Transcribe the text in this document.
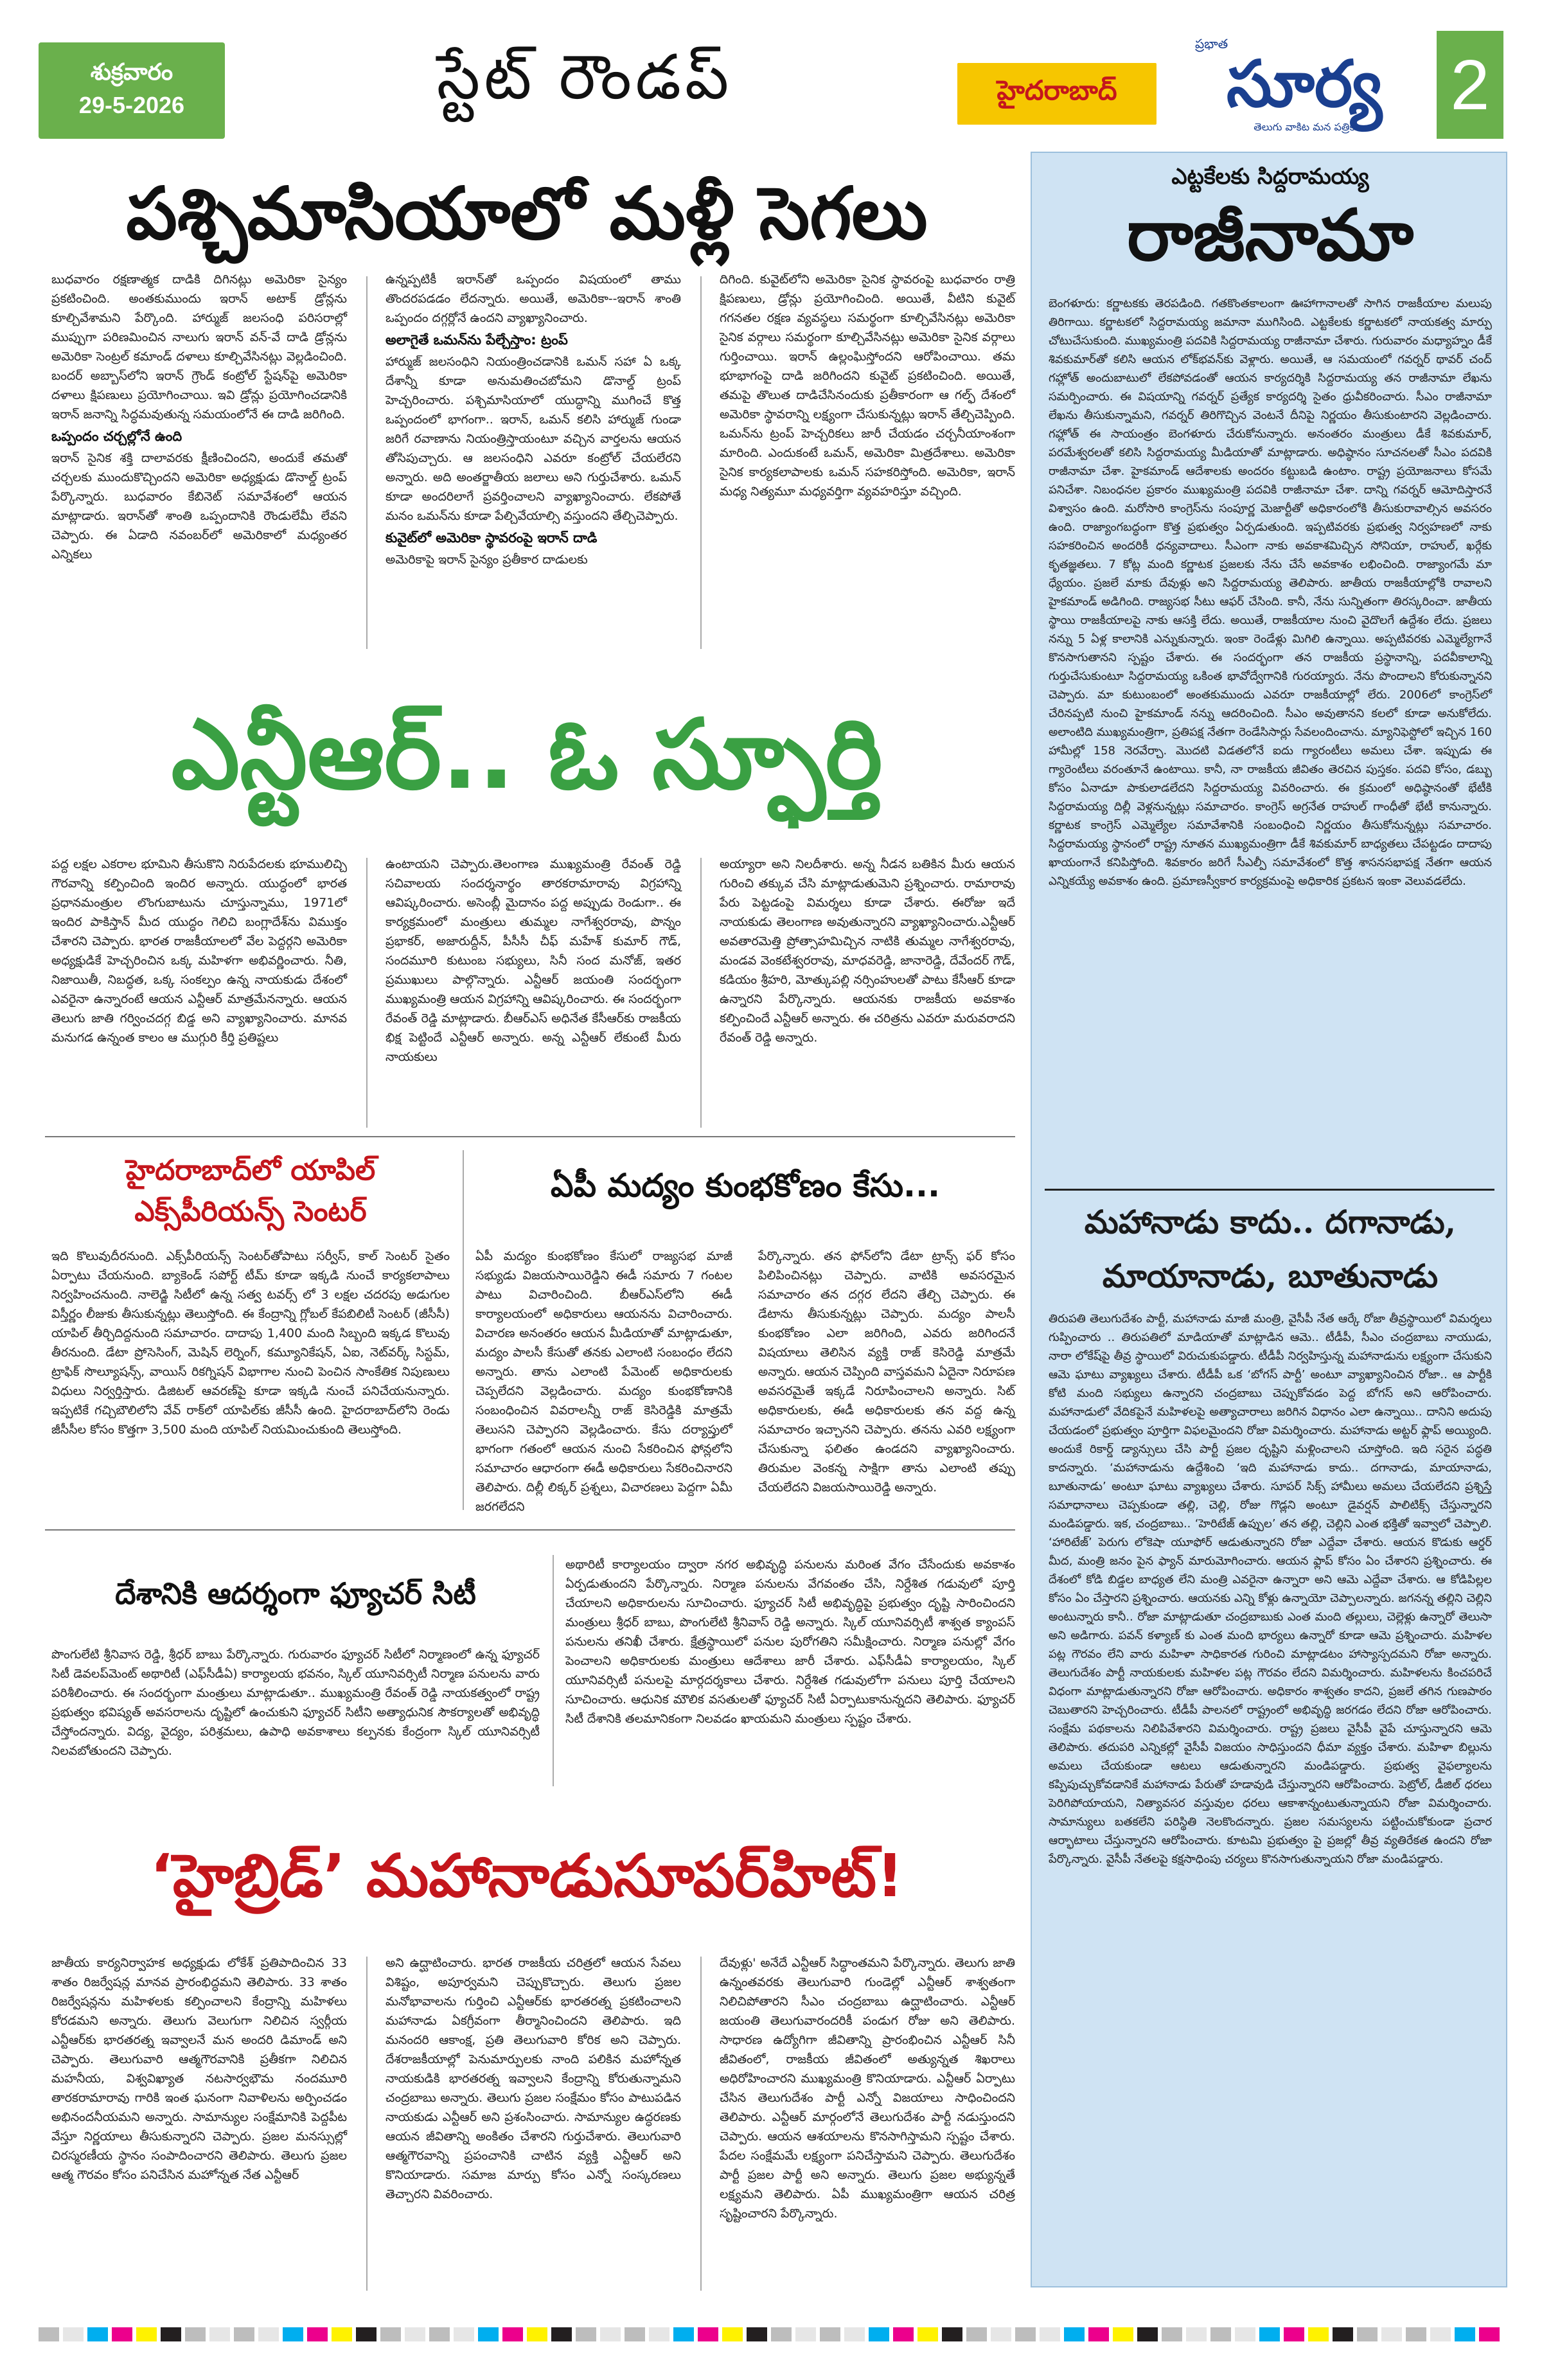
శుక్రవారం
29-5-2026	స్టేట్ రౌండప్	హైదరాబాద్
ప్రభాత
సూర్య
తెలుగు వాకిట మన పత్రిక
2
పశ్చిమాసియాలో మళ్లీ సెగలు

బుధవారం రక్షణాత్మక దాడికి దిగినట్లు అమెరికా సైన్యం ప్రకటించింది. అంతకుముందు ఇరాన్ అటాక్ డ్రోన్లను కూల్చివేశామని పేర్కొంది. హార్ముజ్ జలసంధి పరిసరాల్లో ముప్పుగా పరిణమించిన నాలుగు ఇరాన్ వన్-వే దాడి డ్రోన్లను అమెరికా సెంట్రల్ కమాండ్ దళాలు కూల్చివేసినట్లు వెల్లడించింది. బందర్ అబ్బాస్‌లోని ఇరాన్ గ్రౌండ్ కంట్రోల్ స్టేషన్‌పై అమెరికా దళాలు క్షిపణులు ప్రయోగించాయి. ఇవి డ్రోన్లు ప్రయోగించడానికి ఇరాన్ జనాన్ని సిద్ధమవుతున్న సమయంలోనే ఈ దాడి జరిగింది.

ఒప్పందం చర్చల్లోనే ఉంది

ఇరాన్ సైనిక శక్తి దాలావరకు క్షీణించిందని, అందుకే తమతో చర్చలకు ముందుకొచ్చిందని అమెరికా అధ్యక్షుడు డొనాల్డ్ ట్రంప్ పేర్కొన్నారు. బుధవారం కేబినెట్ సమావేశంలో ఆయన మాట్లాడారు. ఇరాన్‌తో శాంతి ఒప్పందానికి రౌండులేమీ లేవని చెప్పారు. ఈ ఏడాది నవంబర్‌లో అమెరికాలో మధ్యంతర ఎన్నికలు

ఉన్నప్పటికీ ఇరాన్‌తో ఒప్పందం విషయంలో తాము తొందరపడడం లేదన్నారు. అయితే, అమెరికా--ఇరాన్ శాంతి ఒప్పందం దగ్గర్లోనే ఉందని వ్యాఖ్యానించారు.

అలాగైతే ఒమన్‌ను పేల్చేస్తాం: ట్రంప్

హార్ముజ్ జలసంధిని నియంత్రించడానికి ఒమన్ సహా ఏ ఒక్క దేశాన్నీ కూడా అనుమతించబోమని డొనాల్డ్ ట్రంప్ హెచ్చరించారు. పశ్చిమాసియాలో యుద్ధాన్ని ముగించే కొత్త ఒప్పందంలో భాగంగా.. ఇరాన్, ఒమన్ కలిసి హార్ముజ్ గుండా జరిగే రవాణాను నియంత్రిస్తాయంటూ వచ్చిన వార్తలను ఆయన తోసిపుచ్చారు. ఆ జలసంధిని ఎవరూ కంట్రోల్ చేయలేరని అన్నారు. అది అంతర్జాతీయ జలాలు అని గుర్తుచేశారు. ఒమన్ కూడా అందరిలాగే ప్రవర్తించాలని వ్యాఖ్యానించారు. లేకపోతే మనం ఒమన్‌ను కూడా పేల్చివేయాల్సి వస్తుందని తేల్చిచెప్పారు.

కువైట్‌లో అమెరికా స్థావరంపై ఇరాన్ దాడి

అమెరికాపై ఇరాన్ సైన్యం ప్రతీకార దాడులకు

దిగింది. కువైట్‌లోని అమెరికా సైనిక స్థావరంపై బుధవారం రాత్రి క్షిపణులు, డ్రోన్లు ప్రయోగించింది. అయితే, వీటిని కువైట్ గగనతల రక్షణ వ్యవస్థలు సమర్థంగా కూల్చివేసినట్లు అమెరికా సైనిక వర్గాలు సమర్థంగా కూల్చివేసినట్లు అమెరికా సైనిక వర్గాలు గుర్తించాయి. ఇరాన్ ఉల్లంఘిస్తోందని ఆరోపించాయి. తమ భూభాగంపై దాడి జరిగిందని కువైట్ ప్రకటించింది. అయితే, తమపై తొలుత దాడిచేసినందుకు ప్రతీకారంగా ఆ గల్ఫ్ దేశంలో అమెరికా స్థావరాన్ని లక్ష్యంగా చేసుకున్నట్లు ఇరాన్ తేల్చిచెప్పింది. ఒమన్‌ను ట్రంప్ హెచ్చరికలు జారీ చేయడం చర్చనీయాంశంగా మారింది. ఎందుకంటే ఒమన్, అమెరికా మిత్రదేశాలు. అమెరికా సైనిక కార్యకలాపాలకు ఒమన్ సహకరిస్తోంది. అమెరికా, ఇరాన్ మధ్య నిత్యమూ మధ్యవర్తిగా వ్యవహరిస్తూ వచ్చింది.

ఎన్టీఆర్.. ఓ స్ఫూర్తి

పద్ద లక్షల ఎకరాల భూమిని తీసుకొని నిరుపేదలకు భూములిచ్చి గౌరవాన్ని కల్పించింది ఇందిర అన్నారు. యుద్ధంలో భారత ప్రధానమంత్రుల లొంగుబాటును చూస్తున్నాము, 1971లో ఇందిర పాకిస్తాన్ మీద యుద్ధం గెలిచి బంగ్లాదేశ్‌ను విముక్తం చేశారని చెప్పారు. భారత రాజకీయాలలో వేల పెద్దర్గని అమెరికా అధ్యక్షుడికే హెచ్చరించిన ఒక్క మహిళగా అభివర్ణించారు. నీతి, నిజాయితీ, నిబద్ధత, ఒక్క సంకల్పం ఉన్న నాయకుడు దేశంలో ఎవరైనా ఉన్నారంటే ఆయన ఎన్టీఆర్ మాత్రమేనన్నారు. ఆయన తెలుగు జాతి గర్వించదగ్గ బిడ్డ అని వ్యాఖ్యానించారు. మానవ మనుగడ ఉన్నంత కాలం ఆ ముగ్గురి కీర్తి ప్రతిష్టలు

ఉంటాయని చెప్పారు.తెలంగాణ ముఖ్యమంత్రి రేవంత్ రెడ్డి సచివాలయ సందర్శనార్థం తారకరామారావు విగ్రహాన్ని ఆవిష్కరించారు. అసెంబ్లీ మైదానం పద్ద అప్పుడు రెండుగా.. ఈ కార్యక్రమంలో మంత్రులు తుమ్మల నాగేశ్వరరావు, పొన్నం ప్రభాకర్, అజారుద్దీన్, పీసీసీ చీఫ్ మహేశ్ కుమార్ గౌడ్, సందమూరి కుటుంబ సభ్యులు, సినీ సంద మనోజ్, ఇతర ప్రముఖులు పాల్గొన్నారు. ఎన్టీఆర్ జయంతి సందర్భంగా ముఖ్యమంత్రి ఆయన విగ్రహాన్ని ఆవిష్కరించారు. ఈ సందర్భంగా రేవంత్ రెడ్డి మాట్లాడారు. బీఆర్ఎస్ అధినేత కేసీఆర్‌కు రాజకీయ భిక్ష పెట్టిందే ఎన్టీఆర్ అన్నారు. అన్న ఎన్టీఆర్ లేకుంటే మీరు నాయకులు

అయ్యారా అని నిలదీశారు. అన్న నీడన బతికిన మీరు ఆయన గురించి తక్కువ చేసి మాట్లాడుతుమెని ప్రశ్నించారు. రామారావు పేరు పెట్టడంపై విమర్శలు కూడా చేశారు. ఈరోజు ఇదే నాయకుడు తెలంగాణ అవుతున్నారని వ్యాఖ్యానించారు.ఎన్టీఆర్ అవతారమెత్తి ప్రోత్సాహమిచ్చిన నాటికి తుమ్మల నాగేశ్వరరావు, మండవ వెంకటేశ్వరరావు, మాధవరెడ్డి, జానారెడ్డి, దేవేందర్ గౌడ్, కడియం శ్రీహరి, మోత్కుపల్లి నర్సింహులతో పాటు కేసీఆర్ కూడా ఉన్నారని పేర్కొన్నారు. ఆయనకు రాజకీయ అవకాశం కల్పించిందే ఎన్టీఆర్ అన్నారు. ఈ చరిత్రను ఎవరూ మరువరాదని రేవంత్ రెడ్డి అన్నారు.

హైదరాబాద్‌లో యాపిల్
ఎక్స్‌పీరియన్స్ సెంటర్

ఇది కొలువుదీరనుంది. ఎక్స్‌పీరియన్స్ సెంటర్‌తోపాటు సర్వీస్, కాల్ సెంటర్ సైతం ఏర్పాటు చేయనుంది. బ్యాకెండ్ సపోర్ట్ టీమ్ కూడా ఇక్కడి నుంచే కార్యకలాపాలు నిర్వహించనుంది. నాలెడ్జి సిటీలో ఉన్న సత్వ టవర్స్ లో 3 లక్షల చదరపు అడుగుల విస్తీర్ణం లీజుకు తీసుకున్నట్లు తెలుస్తోంది. ఈ కేంద్రాన్ని గ్లోబల్ కేపబిలిటీ సెంటర్ (జీసీసీ) యాపిల్ తీర్చిదిద్దనుంది సమాచారం. దాదాపు 1,400 మంది సిబ్బంది ఇక్కడ కొలువు తీరనుంది. డేటా ప్రోసెసింగ్, మెషిన్ లెర్నింగ్, కమ్యూనికేషన్, ఏఐ, నెట్‌వర్క్ సిస్టమ్, ట్రాఫిక్ సొల్యూషన్స్, వాయిస్ రికగ్నిషన్ విభాగాల నుంచి పెంచిన సాంకేతిక నిపుణులు విధులు నిర్వర్తిస్తారు. డిజిటల్ ఆవరణ్‌పై కూడా ఇక్కడి నుంచే పనిచేయనున్నారు. ఇప్పటికే గచ్చిబౌలిలోని వేవ్ రాక్‌లో యాపిల్‌కు జీసీసీ ఉంది. హైదరాబాద్‌లోని రెండు జీసీసీల కోసం కొత్తగా 3,500 మంది యాపిల్ నియమించుకుంది తెలుస్తోంది.

ఏపీ మద్యం కుంభకోణం కేసు...

ఏపీ మద్యం కుంభకోణం కేసులో రాజ్యసభ మాజీ సభ్యుడు విజయసాయిరెడ్డిని ఈడీ సమారు 7 గంటల పాటు విచారించింది. బీఆర్ఎస్‌లోని ఈడీ కార్యాలయంలో అధికారులు ఆయనను విచారించారు. విచారణ అనంతరం ఆయన మీడియాతో మాట్లాడుతూ, మద్యం పాలసీ కేసుతో తనకు ఎలాంటి సంబంధం లేదని అన్నారు. తాను ఎలాంటి పేమెంట్ అధికారులకు చెప్పలేదని వెల్లడించారు. మద్యం కుంభకోణానికి సంబంధించిన వివరాలన్నీ రాజ్ కెసిరెడ్డికి మాత్రమే తెలుసని చెప్పారని వెల్లడించారు. కేసు దర్యాప్తులో భాగంగా గతంలో ఆయన నుంచి సేకరించిన ఫోన్లలోని సమాచారం ఆధారంగా ఈడీ అధికారులు సేకరించినారని తెలిపారు. దిల్లీ లిక్కర్ ప్రశ్నలు, విచారణలు పెద్దగా ఏమీ జరగలేదని

పేర్కొన్నారు. తన ఫోన్‌లోని డేటా ట్రాన్స్ ఫర్ కోసం పిలిపించినట్లు చెప్పారు. వాటికి అవసరమైన సమాచారం తన దగ్గర లేదని తేల్చి చెప్పారు. ఈ డేటాను తీసుకున్నట్లు చెప్పారు. మద్యం పాలసీ కుంభకోణం ఎలా జరిగింది, ఎవరు జరిగిందనే విషయాలు తెలిసిన వ్యక్తి రాజ్ కెసిరెడ్డి మాత్రమే అన్నారు. ఆయన చెప్పింది వాస్తవమని ఏదైనా నిరూపణ అవసరమైతే ఇక్కడే నిరూపించాలని అన్నారు. సిట్ అధికారులకు, ఈడీ అధికారులకు తన వద్ద ఉన్న సమాచారం ఇచ్చానని చెప్పారు. తనను ఎవరి లక్ష్యంగా చేసుకున్నా ఫలితం ఉండదని వ్యాఖ్యానించారు. తిరుమల వెంకన్న సాక్షిగా తాను ఎలాంటి తప్పు చేయలేదని విజయసాయిరెడ్డి అన్నారు.

దేశానికి ఆదర్శంగా ఫ్యూచర్ సిటీ

పొంగులేటి శ్రీనివాస రెడ్డి, శ్రీధర్ బాబు పేర్కొన్నారు. గురువారం ఫ్యూచర్ సిటీలో నిర్మాణంలో ఉన్న ఫ్యూచర్ సిటీ డెవలప్‌మెంట్ అథారిటీ (ఎఫ్‌సీడీఏ) కార్యాలయ భవనం, స్కిల్ యూనివర్సిటీ నిర్మాణ పనులను వారు పరిశీలించారు. ఈ సందర్భంగా మంత్రులు మాట్లాడుతూ.. ముఖ్యమంత్రి రేవంత్ రెడ్డి నాయకత్వంలో రాష్ట్ర ప్రభుత్వం భవిష్యత్ అవసరాలను దృష్టిలో ఉంచుకుని ఫ్యూచర్ సిటీని అత్యాధునిక సౌకర్యాలతో అభివృద్ధి చేస్తోందన్నారు. విద్య, వైద్యం, పరిశ్రమలు, ఉపాధి అవకాశాలు కల్పనకు కేంద్రంగా స్కిల్ యూనివర్సిటీ నిలవబోతుందని చెప్పారు.

అథారిటీ కార్యాలయం ద్వారా నగర అభివృద్ధి పనులను మరింత వేగం చేసేందుకు అవకాశం ఏర్పడుతుందని పేర్కొన్నారు. నిర్మాణ పనులను వేగవంతం చేసి, నిర్దేశిత గడువులో పూర్తి చేయాలని అధికారులను సూచించారు. ఫ్యూచర్ సిటీ అభివృద్ధిపై ప్రభుత్వం దృష్టి సారించిందని మంత్రులు శ్రీధర్ బాబు, పొంగులేటి శ్రీనివాస్ రెడ్డి అన్నారు. స్కిల్ యూనివర్సిటీ శాశ్వత క్యాంపస్ పనులను తనిఖీ చేశారు. క్షేత్రస్థాయిలో పనుల పురోగతిని సమీక్షించారు. నిర్మాణ పనుల్లో వేగం పెంచాలని అధికారులకు మంత్రులు ఆదేశాలు జారీ చేశారు. ఎఫ్‌సీడీఏ కార్యాలయం, స్కిల్ యూనివర్సిటీ పనులపై మార్గదర్శకాలు చేశారు. నిర్దేశిత గడువులోగా పనులు పూర్తి చేయాలని సూచించారు. ఆధునిక మౌలిక వసతులతో ఫ్యూచర్ సిటీ ఏర్పాటుకానున్నదని తెలిపారు. ఫ్యూచర్ సిటీ దేశానికి తలమానికంగా నిలవడం ఖాయమని మంత్రులు స్పష్టం చేశారు.

‘హైబ్రిడ్’ మహానాడుసూపర్‌హిట్!

జాతీయ కార్యనిర్వాహక అధ్యక్షుడు లోకేశ్ ప్రతిపాదించిన 33 శాతం రిజర్వేషన్ల మానవ ప్రారంభిద్ధమని తెలిపారు. 33 శాతం రిజర్వేషన్లను మహిళలకు కల్పించాలని కేంద్రాన్ని మహిళలు కోరడమని అన్నారు. తెలుగు వెలుగుగా నిలిచిన స్వర్గీయ ఎన్టీఆర్‌కు భారతరత్న ఇవ్వాలనే మన అందరి డిమాండ్ అని చెప్పారు. తెలుగువారి ఆత్మగౌరవానికి ప్రతీకగా నిలిచిన మహనీయ, విశ్వవిఖ్యాత నటసార్వభౌమ నందమూరి తారకరామారావు గారికి ఇంత ఘనంగా నివాళిలను అర్పించడం అభినందనీయమని అన్నారు. సామాన్యుల సంక్షేమానికి పెద్దపీట వేస్తూ నిర్ణయాలు తీసుకున్నారని చెప్పారు. ప్రజల మనస్సుల్లో చిరస్మరణీయ స్థానం సంపాదించారని తెలిపారు. తెలుగు ప్రజల ఆత్మ గౌరవం కోసం పనిచేసిన మహోన్నత నేత ఎన్టీఆర్

అని ఉద్ఘాటించారు. భారత రాజకీయ చరిత్రలో ఆయన సేవలు విశిష్టం, అపూర్వమని చెప్పుకొచ్చారు. తెలుగు ప్రజల మనోభావాలను గుర్తించి ఎన్టీఆర్‌కు భారతరత్న ప్రకటించాలని మహానాడు ఏకగ్రీవంగా తీర్మానించిందని తెలిపారు. ఇది మనందరి ఆకాంక్ష, ప్రతి తెలుగువారి కోరిక అని చెప్పారు. దేశరాజకీయాల్లో పెనుమార్పులకు నాంది పలికిన మహోన్నత నాయకుడికి భారతరత్న ఇవ్వాలని కేంద్రాన్ని కోరుతున్నామని చంద్రబాబు అన్నారు. తెలుగు ప్రజల సంక్షేమం కోసం పాటుపడిన నాయకుడు ఎన్టీఆర్ అని ప్రశంసించారు. సామాన్యుల ఉద్ధరణకు ఆయన జీవితాన్ని అంకితం చేశారని గుర్తుచేశారు. తెలుగువారి ఆత్మగౌరవాన్ని ప్రపంచానికి చాటిన వ్యక్తి ఎన్టీఆర్ అని కొనియాడారు. సమాజ మార్పు కోసం ఎన్నో సంస్కరణలు తెచ్చారని వివరించారు.

దేవుళ్లు' అనేదే ఎన్టీఆర్ సిద్ధాంతమని పేర్కొన్నారు. తెలుగు జాతి ఉన్నంతవరకు తెలుగువారి గుండెల్లో ఎన్టీఆర్ శాశ్వతంగా నిలిచిపోతారని సీఎం చంద్రబాబు ఉద్ఘాటించారు. ఎన్టీఆర్ జయంతి తెలుగువారందరికీ పండుగ రోజు అని తెలిపారు. సాధారణ ఉద్యోగిగా జీవితాన్ని ప్రారంభించిన ఎన్టీఆర్ సినీ జీవితంలో, రాజకీయ జీవితంలో అత్యున్నత శిఖరాలు అధిరోహించారని ముఖ్యమంత్రి కొనియాడారు. ఎన్టీఆర్ ఏర్పాటు చేసిన తెలుగుదేశం పార్టీ ఎన్నో విజయాలు సాధించిందని తెలిపారు. ఎన్టీఆర్ మార్గంలోనే తెలుగుదేశం పార్టీ నడుస్తుందని చెప్పారు. ఆయన ఆశయాలను కొనసాగిస్తామని స్పష్టం చేశారు. పేదల సంక్షేమమే లక్ష్యంగా పనిచేస్తామని చెప్పారు. తెలుగుదేశం పార్టీ ప్రజల పార్టీ అని అన్నారు. తెలుగు ప్రజల అభ్యున్నతే లక్ష్యమని తెలిపారు. ఏపీ ముఖ్యమంత్రిగా ఆయన చరిత్ర సృష్టించారని పేర్కొన్నారు.

ఎట్టకేలకు సిద్దరామయ్య
రాజీనామా

బెంగళూరు: కర్ణాటకకు తెరపడింది. గతకొంతకాలంగా ఊహాగానాలతో సాగిన రాజకీయాల మలుపు తిరిగాయి. కర్ణాటకలో సిద్దరామయ్య జమానా ముగిసింది. ఎట్టకేలకు కర్ణాటకలో నాయకత్వ మార్పు చోటుచేసుకుంది. ముఖ్యమంత్రి పదవికి సిద్దరామయ్య రాజీనామా చేశారు. గురువారం మధ్యాహ్నం డీకే శివకుమార్‌తో కలిసి ఆయన లోక్‌భవన్‌కు వెళ్లారు. అయితే, ఆ సమయంలో గవర్నర్ థావర్ చంద్ గహ్లోత్ అందుబాటులో లేకపోవడంతో ఆయన కార్యదర్శికి సిద్దరామయ్య తన రాజీనామా లేఖను సమర్పించారు. ఈ విషయాన్ని గవర్నర్ ప్రత్యేక కార్యదర్శి సైతం ధ్రువీకరించారు. సీఎం రాజీనామా లేఖను తీసుకున్నామని, గవర్నర్ తిరిగొచ్చిన వెంటనే దీనిపై నిర్ణయం తీసుకుంటారని వెల్లడించారు. గహ్లోత్ ఈ సాయంత్రం బెంగళూరు చేరుకోనున్నారు. అనంతరం మంత్రులు డీకే శివకుమార్, పరమేశ్వరలతో కలిసి సిద్దరామయ్య మీడియాతో మాట్లాడారు. అధిష్ఠానం సూచనలతో సీఎం పదవికి రాజీనామా చేశా. హైకమాండ్ ఆదేశాలకు అందరం కట్టుబడి ఉంటాం. రాష్ట్ర ప్రయోజనాలు కోసమే పనిచేశా. నిబంధనల ప్రకారం ముఖ్యమంత్రి పదవికి రాజీనామా చేశా. దాన్ని గవర్నర్ ఆమోదిస్తారనే విశ్వాసం ఉంది. మరోసారి కాంగ్రెస్‌ను సంపూర్ణ మెజార్టీతో అధికారంలోకి తీసుకురావాల్సిన అవసరం ఉంది. రాజ్యాంగబద్ధంగా కొత్త ప్రభుత్వం ఏర్పడుతుంది. ఇప్పటివరకు ప్రభుత్వ నిర్వహణలో నాకు సహకరించిన అందరికీ ధన్యవాదాలు. సీఎంగా నాకు అవకాశమిచ్చిన సోనియా, రాహుల్, ఖర్గేకు కృతజ్ఞతలు. 7 కోట్ల మంది కర్ణాటక ప్రజలకు నేను చేసే అవకాశం లభించింది. రాజ్యాంగమే మా ధ్యేయం. ప్రజలే మాకు దేవుళ్లు అని సిద్దరామయ్య తెలిపారు. జాతీయ రాజకీయాల్లోకి రావాలని హైకమాండ్ అడిగింది. రాజ్యసభ సీటు ఆఫర్ చేసింది. కానీ, నేను సున్నితంగా తిరస్కరించా. జాతీయ స్థాయి రాజకీయాలపై నాకు ఆసక్తి లేదు. అయితే, రాజకీయాల నుంచి వైదొలగే ఉద్దేశం లేదు. ప్రజలు నన్ను 5 ఏళ్ల కాలానికి ఎన్నుకున్నారు. ఇంకా రెండేళ్లు మిగిలి ఉన్నాయి. అప్పటివరకు ఎమ్మెల్యేగానే కొనసాగుతానని స్పష్టం చేశారు. ఈ సందర్భంగా తన రాజకీయ ప్రస్థానాన్ని, పదవీకాలాన్ని గుర్తుచేసుకుంటూ సిద్దరామయ్య ఒకింత భావోద్వేగానికి గురయ్యారు. నేను పొందాలని కోరుకున్నానని చెప్పారు. మా కుటుంబంలో అంతకుముందు ఎవరూ రాజకీయాల్లో లేరు. 2006లో కాంగ్రెస్‌లో చేరినప్పటి నుంచి హైకమాండ్ నన్ను ఆదరించింది. సీఎం అవుతానని కలలో కూడా అనుకోలేదు. అలాంటిది ముఖ్యమంత్రిగా, ప్రతిపక్ష నేతగా రెండేసిసార్లు సేవలందించాను. మ్యానిఫెస్టోలో ఇచ్చిన 160 హామీల్లో 158 నెరవేర్చా. మొదటి విడతలోనే ఐదు గ్యారంటీలు అమలు చేశా. ఇప్పుడు ఈ గ్యారెంటీలు వరంతూనే ఉంటాయి. కానీ, నా రాజకీయ జీవితం తెరచిన పుస్తకం. పదవి కోసం, డబ్బు కోసం ఏనాడూ పాకులాడలేదని సిద్దరామయ్య వివరించారు. ఈ క్రమంలో అధిష్ఠానంతో భేటీకి సిద్దరామయ్య దిల్లీ వెళ్లనున్నట్లు సమాచారం. కాంగ్రెస్ అగ్రనేత రాహుల్ గాంధీతో భేటీ కానున్నారు. కర్ణాటక కాంగ్రెస్ ఎమ్మెల్యేల సమావేశానికి సంబంధించి నిర్ణయం తీసుకోనున్నట్లు సమాచారం. సిద్దరామయ్య స్థానంలో రాష్ట్ర నూతన ముఖ్యమంత్రిగా డీకే శివకుమార్ బాధ్యతలు చేపట్టడం దాదాపు ఖాయంగానే కనిపిస్తోంది. శివకారం జరిగే సీఎల్పీ సమావేశంలో కొత్త శాసనసభాపక్ష నేతగా ఆయన ఎన్నికయ్యే అవకాశం ఉంది. ప్రమాణస్వీకార కార్యక్రమంపై అధికారిక ప్రకటన ఇంకా వెలువడలేదు.

మహానాడు కాదు.. దగానాడు,
మాయానాడు, బూతునాడు

తిరుపతి తెలుగుదేశం పార్టీ, మహానాడు మాజీ మంత్రి, వైసీపీ నేత ఆర్కే రోజా తీవ్రస్థాయిలో విమర్శలు గుప్పించారు .. తిరుపతిలో మాడియాతో మాట్లాడిన ఆమె.. టీడీపీ, సీఎం చంద్రబాబు నాయుడు, నారా లోకేష్‌పై తీవ్ర స్థాయిలో విరుచుకుపడ్డారు. టీడీపీ నిర్వహిస్తున్న మహానాడును లక్ష్యంగా చేసుకుని ఆమె ఘాటు వ్యాఖ్యలు చేశారు. టీడీపీ ఒక ‘బోగస్ పార్టీ’ అంటూ వ్యాఖ్యానించిన రోజా.. ఆ పార్టీకి కోటి మంది సభ్యులు ఉన్నారని చంద్రబాబు చెప్పుకోవడం పెద్ద బోగస్ అని ఆరోపించారు. మహానాడులో వేదికపైనే మహిళలపై అత్యాచారాలు జరిగిన విధానం ఎలా ఉన్నాయి.. దానిని అదుపు చేయడంలో ప్రభుత్వం పూర్తిగా విఫలమైందని రోజా విమర్శించారు. మహానాడు అట్టర్ ఫ్లాప్ అయ్యింది. అందుకే రికార్డ్ డ్యాన్సులు చేసి పార్టీ ప్రజల దృష్టిని మళ్లించాలని చూస్తోంది. ఇది సరైన పద్ధతి కాదన్నారు. ‘మహానాడును ఉద్దేశించి ‘ఇది మహానాడు కాదు.. దగానాడు, మాయానాడు, బూతునాడు’ అంటూ ఘాటు వ్యాఖ్యలు చేశారు. సూపర్ సిక్స్ హామీలు అమలు చేయలేదని ప్రశ్నిస్తే సమాధానాలు చెప్పకుండా తల్లి, చెల్లి, రోజు గొడ్లని అంటూ డైవర్షన్ పాలిటిక్స్ చేస్తున్నారని మండిపడ్డారు. ఇక, చంద్రబాబు.. ‘హెరిటేజ్ ఉప్పుల’ తన తల్లి, చెల్లిని ఎంత భక్తితో ఇవ్వాలో చెప్పాలి. ‘హారిటేజ్’ పెరుగు లోకెషా యూఫోర్ ఆడుతున్నారని రోజా ఎద్దేవా చేశారు. ఆయన కొడుకు ఆర్డర్ మీద, మంత్రి జనం పైన ఫ్యాన్ మారుమోగించారు. ఆయన ఫ్లాప్ కోసం ఏం చేశారని ప్రశ్నించారు. ఈ దేశంలో కోడి బిడ్డల బాధ్యత లేని మంత్రి ఎవరైనా ఉన్నారా అని ఆమె ఎద్దేవా చేశారు. ఆ కోడిపిల్లల కోసం ఏం చేస్తారని ప్రశ్నించారు. ఆయనకు ఎన్ని కోళ్లు ఉన్నాయో చెప్పాలన్నారు. జగనన్న తల్లిని చెల్లిని అంటున్నారు కానీ.. రోజా మాట్లాడుతూ చంద్రబాబుకు ఎంత మంది తల్లులు, చెల్లెళ్లు ఉన్నారో తెలుసా అని అడిగారు. పవన్ కళ్యాణ్ కు ఎంత మంది భార్యలు ఉన్నారో కూడా ఆమె ప్రశ్నించారు. మహిళల పట్ల గౌరవం లేని వారు మహిళా సాధికారత గురించి మాట్లాడటం హాస్యాస్పదమని రోజా అన్నారు. తెలుగుదేశం పార్టీ నాయకులకు మహిళల పట్ల గౌరవం లేదని విమర్శించారు. మహిళలను కించపరిచే విధంగా మాట్లాడుతున్నారని రోజా ఆరోపించారు. అధికారం శాశ్వతం కాదని, ప్రజలే తగిన గుణపాఠం చెబుతారని హెచ్చరించారు. టీడీపీ పాలనలో రాష్ట్రంలో అభివృద్ధి జరగడం లేదని రోజా ఆరోపించారు. సంక్షేమ పథకాలను నిలిపివేశారని విమర్శించారు. రాష్ట్ర ప్రజలు వైసీపీ వైపే చూస్తున్నారని ఆమె తెలిపారు. తదుపరి ఎన్నికల్లో వైసీపీ విజయం సాధిస్తుందని ధీమా వ్యక్తం చేశారు. మహిళా బిల్లును అమలు చేయకుండా ఆటలు ఆడుతున్నారని మండిపడ్డారు. ప్రభుత్వ వైఫల్యాలను కప్పిపుచ్చుకోవడానికే మహానాడు పేరుతో హడావుడి చేస్తున్నారని ఆరోపించారు. పెట్రోల్, డీజిల్ ధరలు పెరిగిపోయాయని, నిత్యావసర వస్తువుల ధరలు ఆకాశాన్నంటుతున్నాయని రోజా విమర్శించారు. సామాన్యులు బతకలేని పరిస్థితి నెలకొందన్నారు. ప్రజల సమస్యలను పట్టించుకోకుండా ప్రచార ఆర్భాటాలు చేస్తున్నారని ఆరోపించారు. కూటమి ప్రభుత్వం పై ప్రజల్లో తీవ్ర వ్యతిరేకత ఉందని రోజా పేర్కొన్నారు. వైసీపీ నేతలపై కక్షసాధింపు చర్యలు కొనసాగుతున్నాయని రోజా మండిపడ్డారు.
